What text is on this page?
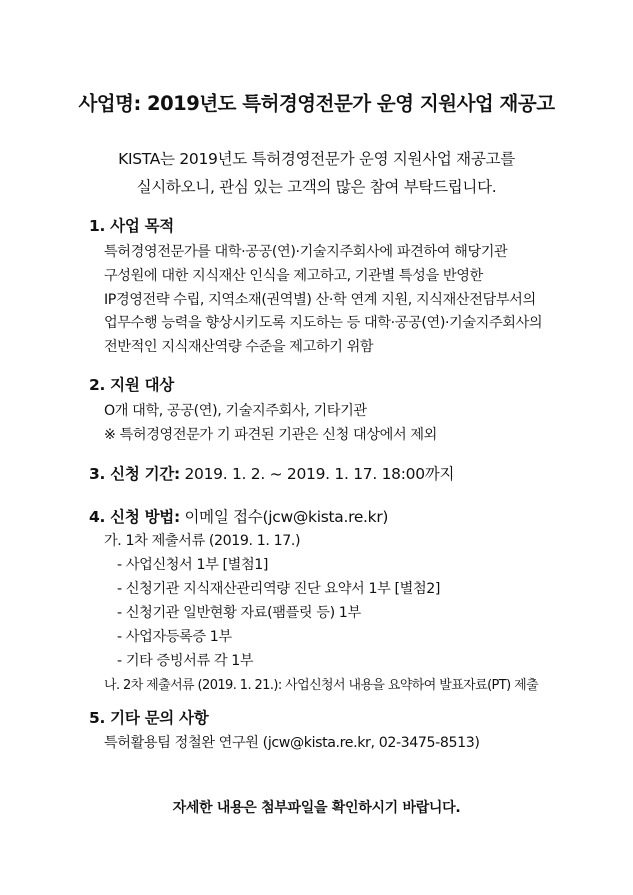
사업명: 2019년도 특허경영전문가 운영 지원사업 재공고
KISTA는 2019년도 특허경영전문가 운영 지원사업 재공고를
실시하오니, 관심 있는 고객의 많은 참여 부탁드립니다.
1. 사업 목적
특허경영전문가를 대학·공공(연)·기술지주회사에 파견하여 해당기관
구성원에 대한 지식재산 인식을 제고하고, 기관별 특성을 반영한
IP경영전략 수립, 지역소재(권역별) 산·학 연계 지원, 지식재산전담부서의
업무수행 능력을 향상시키도록 지도하는 등 대학·공공(연)·기술지주회사의
전반적인 지식재산역량 수준을 제고하기 위함
2. 지원 대상
O개 대학, 공공(연), 기술지주회사, 기타기관
※ 특허경영전문가 기 파견된 기관은 신청 대상에서 제외
3. 신청 기간: 2019. 1. 2. ~ 2019. 1. 17. 18:00까지
4. 신청 방법: 이메일 접수(jcw@kista.re.kr)
가. 1차 제출서류 (2019. 1. 17.)
- 사업신청서 1부 [별첨1]
- 신청기관 지식재산관리역량 진단 요약서 1부 [별첨2]
- 신청기관 일반현황 자료(팸플릿 등) 1부
- 사업자등록증 1부
- 기타 증빙서류 각 1부
나. 2차 제출서류 (2019. 1. 21.): 사업신청서 내용을 요약하여 발표자료(PT) 제출
5. 기타 문의 사항
특허활용팀 정철완 연구원 (jcw@kista.re.kr, 02-3475-8513)
자세한 내용은 첨부파일을 확인하시기 바랍니다.
